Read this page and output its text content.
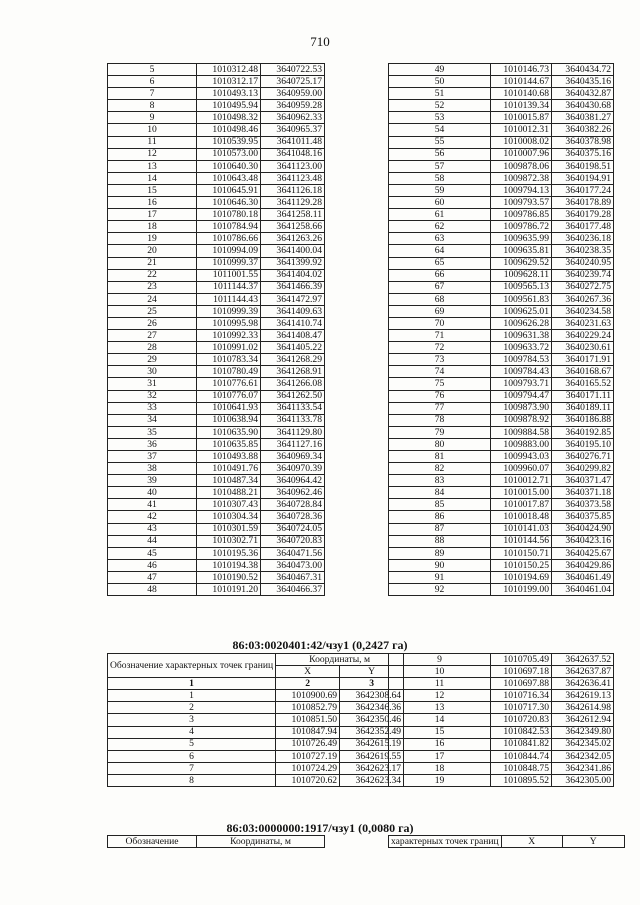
710
5	1010312.48	3640722.53
6	1010312.17	3640725.17
7	1010493.13	3640959.00
8	1010495.94	3640959.28
9	1010498.32	3640962.33
10	1010498.46	3640965.37
11	1010539.95	3641011.48
12	1010573.00	3641048.16
13	1010640.30	3641123.00
14	1010643.48	3641123.48
15	1010645.91	3641126.18
16	1010646.30	3641129.28
17	1010780.18	3641258.11
18	1010784.94	3641258.66
19	1010786.66	3641263.26
20	1010994.09	3641400.04
21	1010999.37	3641399.92
22	1011001.55	3641404.02
23	1011144.37	3641466.39
24	1011144.43	3641472.97
25	1010999.39	3641409.63
26	1010995.98	3641410.74
27	1010992.33	3641408.47
28	1010991.02	3641405.22
29	1010783.34	3641268.29
30	1010780.49	3641268.91
31	1010776.61	3641266.08
32	1010776.07	3641262.50
33	1010641.93	3641133.54
34	1010638.94	3641133.78
35	1010635.90	3641129.80
36	1010635.85	3641127.16
37	1010493.88	3640969.34
38	1010491.76	3640970.39
39	1010487.34	3640964.42
40	1010488.21	3640962.46
41	1010307.43	3640728.84
42	1010304.34	3640728.36
43	1010301.59	3640724.05
44	1010302.71	3640720.83
45	1010195.36	3640471.56
46	1010194.38	3640473.00
47	1010190.52	3640467.31
48	1010191.20	3640466.37
49	1010146.73	3640434.72
50	1010144.67	3640435.16
51	1010140.68	3640432.87
52	1010139.34	3640430.68
53	1010015.87	3640381.27
54	1010012.31	3640382.26
55	1010008.02	3640378.98
56	1010007.96	3640375.16
57	1009878.06	3640198.51
58	1009872.38	3640194.91
59	1009794.13	3640177.24
60	1009793.57	3640178.89
61	1009786.85	3640179.28
62	1009786.72	3640177.48
63	1009635.99	3640236.18
64	1009635.81	3640238.35
65	1009629.52	3640240.95
66	1009628.11	3640239.74
67	1009565.13	3640272.75
68	1009561.83	3640267.36
69	1009625.01	3640234.58
70	1009626.28	3640231.63
71	1009631.38	3640229.24
72	1009633.72	3640230.61
73	1009784.53	3640171.91
74	1009784.43	3640168.67
75	1009793.71	3640165.52
76	1009794.47	3640171.11
77	1009873.90	3640189.11
78	1009878.92	3640186.88
79	1009884.58	3640192.85
80	1009883.00	3640195.10
81	1009943.03	3640276.71
82	1009960.07	3640299.82
83	1010012.71	3640371.47
84	1010015.00	3640371.18
85	1010017.87	3640373.58
86	1010018.48	3640375.85
87	1010141.03	3640424.90
88	1010144.56	3640423.16
89	1010150.71	3640425.67
90	1010150.25	3640429.86
91	1010194.69	3640461.49
92	1010199.00	3640461.04
86:03:0020401:42/чзу1 (0,2427 га)
Обозначение характерных точек границ	Координаты, м	
	X	Y
1	2	3
1	1010900.69	3642308.64
2	1010852.79	3642346.36
3	1010851.50	3642350.46
4	1010847.94	3642352.49
5	1010726.49	3642615.19
6	1010727.19	3642619.55
7	1010724.29	3642623.17
8	1010720.62	3642623.34
9	1010705.49	3642637.52
10	1010697.18	3642637.87
11	1010697.88	3642636.41
12	1010716.34	3642619.13
13	1010717.30	3642614.98
14	1010720.83	3642612.94
15	1010842.53	3642349.80
16	1010841.82	3642345.02
17	1010844.74	3642342.05
18	1010848.75	3642341.86
19	1010895.52	3642305.00
86:03:0000000:1917/чзу1 (0,0080 га)
Обозначение	Координаты, м	характерных точек границ	X	Y
